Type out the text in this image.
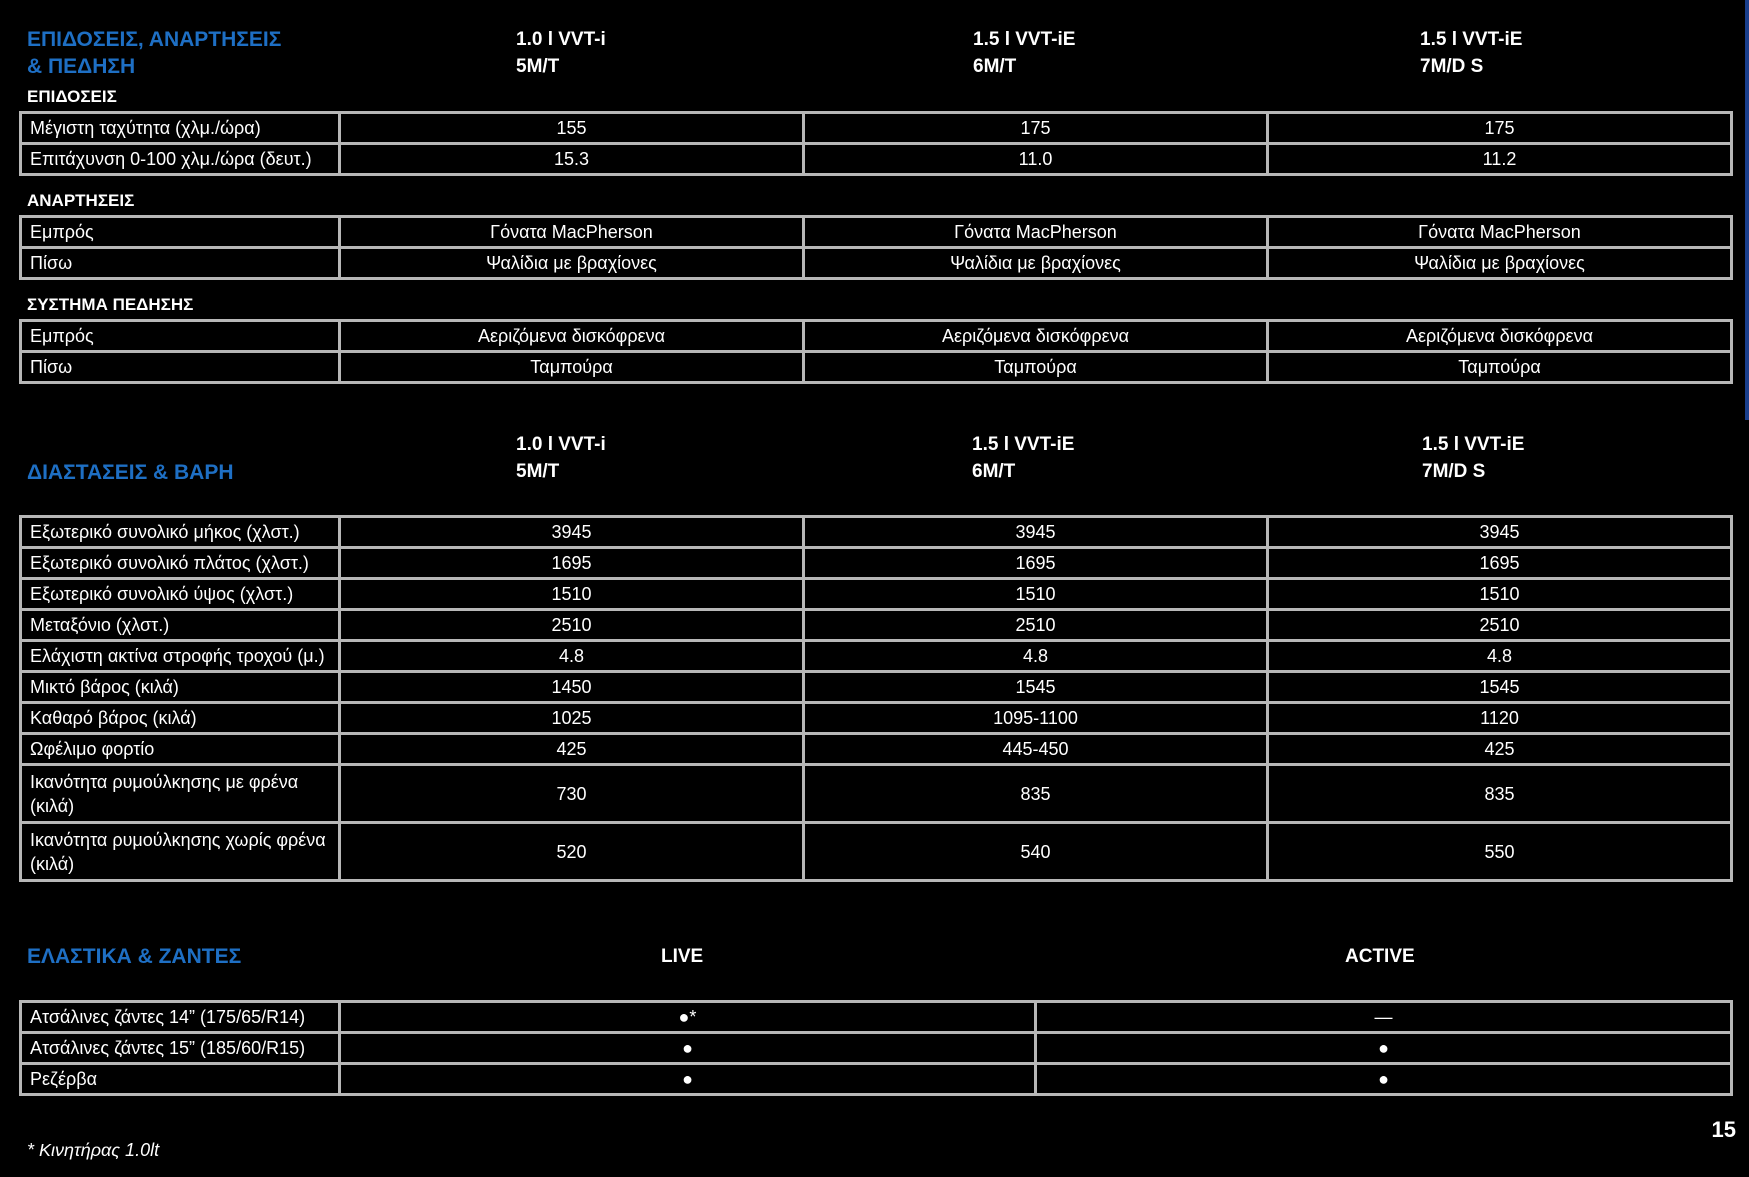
ΕΠΙΔΟΣΕΙΣ, ΑΝΑΡΤΗΣΕΙΣ
& ΠΕΔΗΣΗ
1.0 l VVT-i
5M/T
1.5 l VVT-iE
6M/T
1.5 l VVT-iE
7M/D S
ΕΠΙΔΟΣΕΙΣ
Μέγιστη ταχύτητα (χλμ./ώρα)	155	175	175
Επιτάχυνση 0-100 χλμ./ώρα (δευτ.)	15.3	11.0	11.2
ΑΝΑΡΤΗΣΕΙΣ
Εμπρός	Γόνατα MacPherson	Γόνατα MacPherson	Γόνατα MacPherson
Πίσω	Ψαλίδια με βραχίονες	Ψαλίδια με βραχίονες	Ψαλίδια με βραχίονες
ΣΥΣΤΗΜΑ ΠΕΔΗΣΗΣ
Εμπρός	Αεριζόμενα δισκόφρενα	Αεριζόμενα δισκόφρενα	Αεριζόμενα δισκόφρενα
Πίσω	Ταμπούρα	Ταμπούρα	Ταμπούρα
ΔΙΑΣΤΑΣΕΙΣ & ΒΑΡΗ
1.0 l VVT-i
5M/T
1.5 l VVT-iE
6M/T
1.5 l VVT-iE
7M/D S
Εξωτερικό συνολικό μήκος (χλστ.)	3945	3945	3945
Εξωτερικό συνολικό πλάτος (χλστ.)	1695	1695	1695
Εξωτερικό συνολικό ύψος (χλστ.)	1510	1510	1510
Μεταξόνιο (χλστ.)	2510	2510	2510
Ελάχιστη ακτίνα στροφής τροχού (μ.)	4.8	4.8	4.8
Μικτό βάρος (κιλά)	1450	1545	1545
Καθαρό βάρος (κιλά)	1025	1095-1100	1120
Ωφέλιμο φορτίο	425	445-450	425
Ικανότητα ρυμούλκησης με φρένα (κιλά)	730	835	835
Ικανότητα ρυμούλκησης χωρίς φρένα (κιλά)	520	540	550
ΕΛΑΣΤΙΚΑ & ΖΑΝΤΕΣ	LIVE	ACTIVE
Ατσάλινες ζάντες 14” (175/65/R14)	●*	—
Ατσάλινες ζάντες 15” (185/60/R15)	●	●
Ρεζέρβα	●	●
15
* Κινητήρας 1.0lt
